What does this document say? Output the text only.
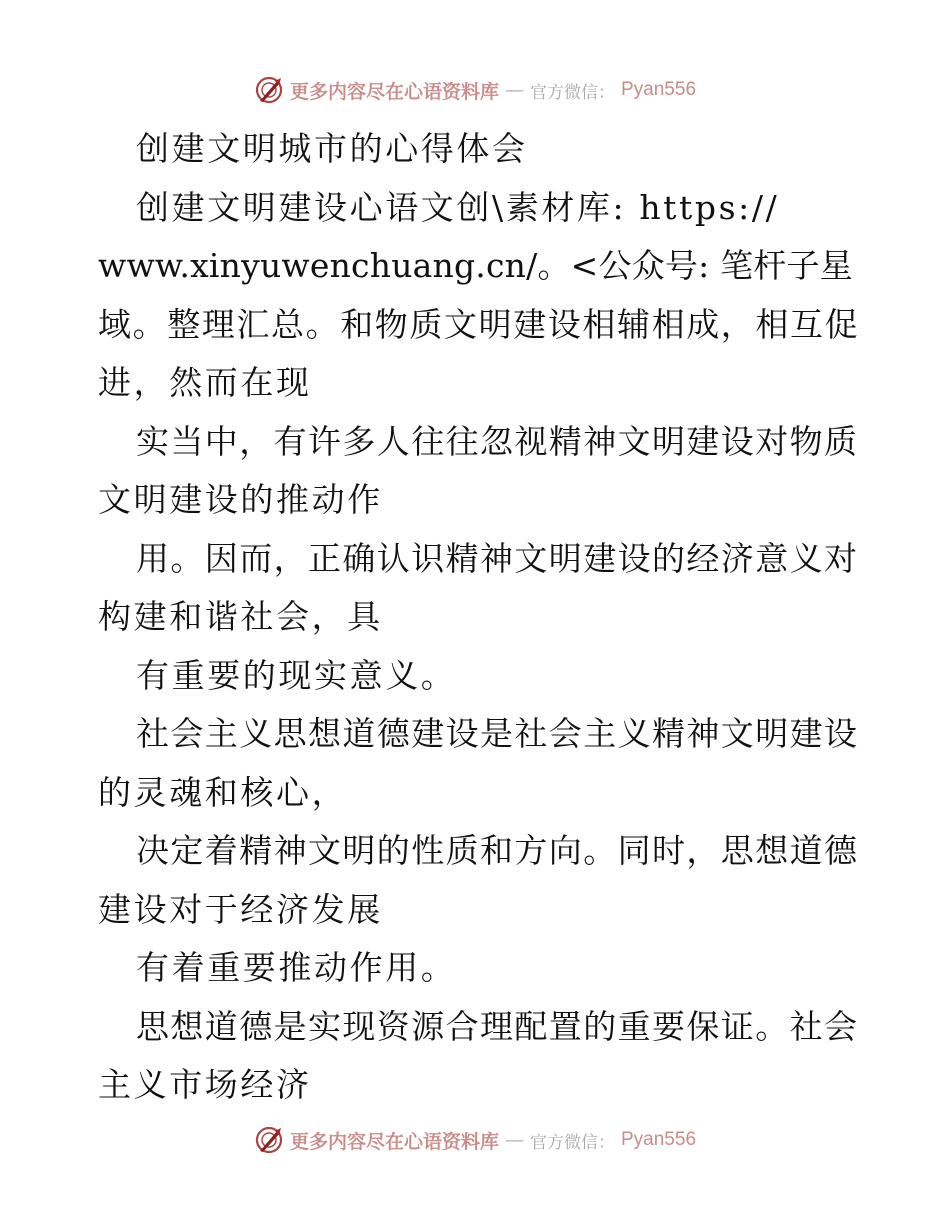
更多内容尽在心语资料库 — 官方微信： Pyan556
创建文明城市的心得体会
创建文明建设心语文创\素材库: https://
www.xinyuwenchuang.cn/。<公众号: 笔杆子星
域。整理汇总。和物质文明建设相辅相成，相互促
进，然而在现
实当中，有许多人往往忽视精神文明建设对物质
文明建设的推动作
用。因而，正确认识精神文明建设的经济意义对
构建和谐社会，具
有重要的现实意义。
社会主义思想道德建设是社会主义精神文明建设
的灵魂和核心，
决定着精神文明的性质和方向。同时，思想道德
建设对于经济发展
有着重要推动作用。
思想道德是实现资源合理配置的重要保证。社会
主义市场经济
更多内容尽在心语资料库 — 官方微信： Pyan556
